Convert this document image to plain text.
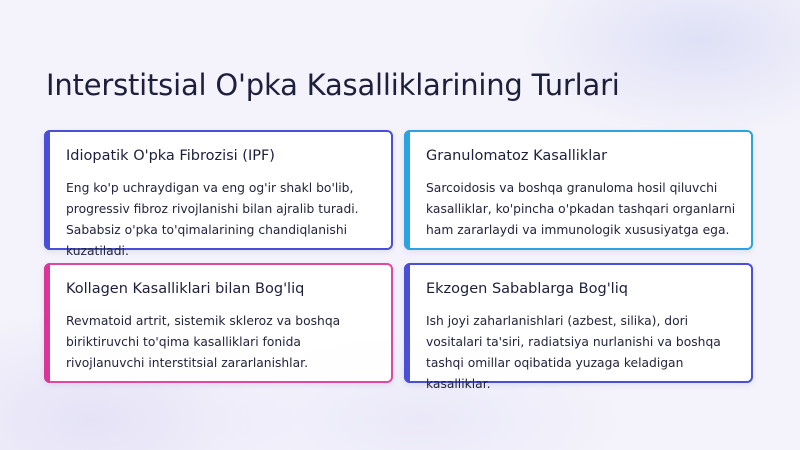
Interstitsial O'pka Kasalliklarining Turlari
Idiopatik O'pka Fibrozisi (IPF)

Eng ko'p uchraydigan va eng og'ir shakl bo'lib, progressiv fibroz rivojlanishi bilan ajralib turadi. Sababsiz o'pka to'qimalarining chandiqlanishi kuzatiladi.

Granulomatoz Kasalliklar

Sarcoidosis va boshqa granuloma hosil qiluvchi kasalliklar, ko'pincha o'pkadan tashqari organlarni ham zararlaydi va immunologik xususiyatga ega.

Kollagen Kasalliklari bilan Bog'liq

Revmatoid artrit, sistemik skleroz va boshqa biriktiruvchi to'qima kasalliklari fonida rivojlanuvchi interstitsial zararlanishlar.

Ekzogen Sabablarga Bog'liq

Ish joyi zaharlanishlari (azbest, silika), dori vositalari ta'siri, radiatsiya nurlanishi va boshqa tashqi omillar oqibatida yuzaga keladigan kasalliklar.
